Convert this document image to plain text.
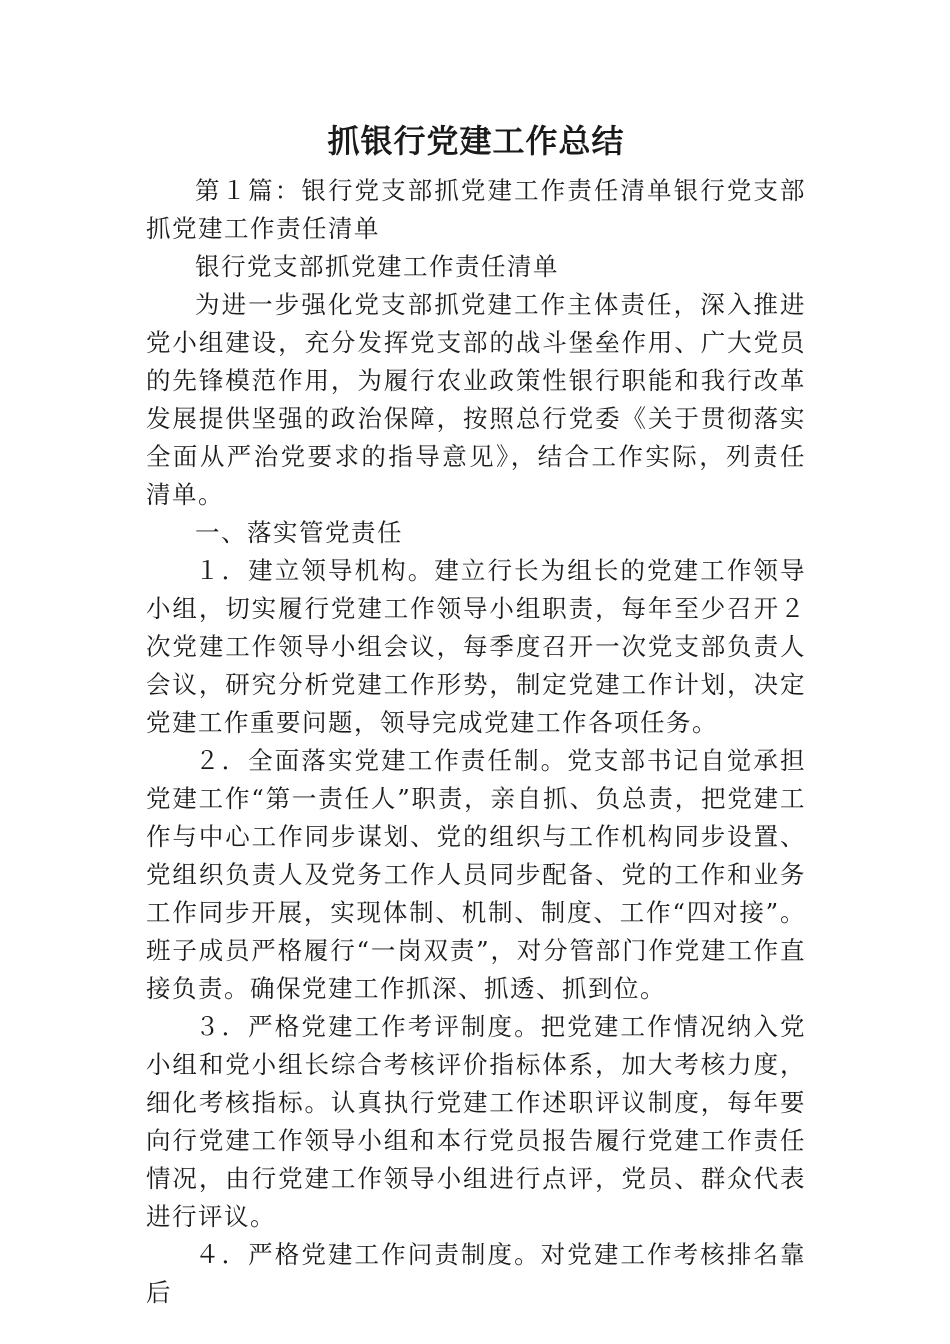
抓银行党建工作总结

第１篇：银行党支部抓党建工作责任清单银行党支部抓党建工作责任清单

银行党支部抓党建工作责任清单

为进一步强化党支部抓党建工作主体责任，深入推进党小组建设，充分发挥党支部的战斗堡垒作用、广大党员的先锋模范作用，为履行农业政策性银行职能和我行改革发展提供坚强的政治保障，按照总行党委《关于贯彻落实全面从严治党要求的指导意见》，结合工作实际，列责任清单。

一、落实管党责任

１．建立领导机构。建立行长为组长的党建工作领导小组，切实履行党建工作领导小组职责，每年至少召开２次党建工作领导小组会议，每季度召开一次党支部负责人会议，研究分析党建工作形势，制定党建工作计划，决定党建工作重要问题，领导完成党建工作各项任务。

２．全面落实党建工作责任制。党支部书记自觉承担党建工作“第一责任人”职责，亲自抓、负总责，把党建工作与中心工作同步谋划、党的组织与工作机构同步设置、党组织负责人及党务工作人员同步配备、党的工作和业务工作同步开展，实现体制、机制、制度、工作“四对接”。班子成员严格履行“一岗双责”，对分管部门作党建工作直接负责。确保党建工作抓深、抓透、抓到位。

３．严格党建工作考评制度。把党建工作情况纳入党小组和党小组长综合考核评价指标体系，加大考核力度，细化考核指标。认真执行党建工作述职评议制度，每年要向行党建工作领导小组和本行党员报告履行党建工作责任情况，由行党建工作领导小组进行点评，党员、群众代表进行评议。

４．严格党建工作问责制度。对党建工作考核排名靠后
